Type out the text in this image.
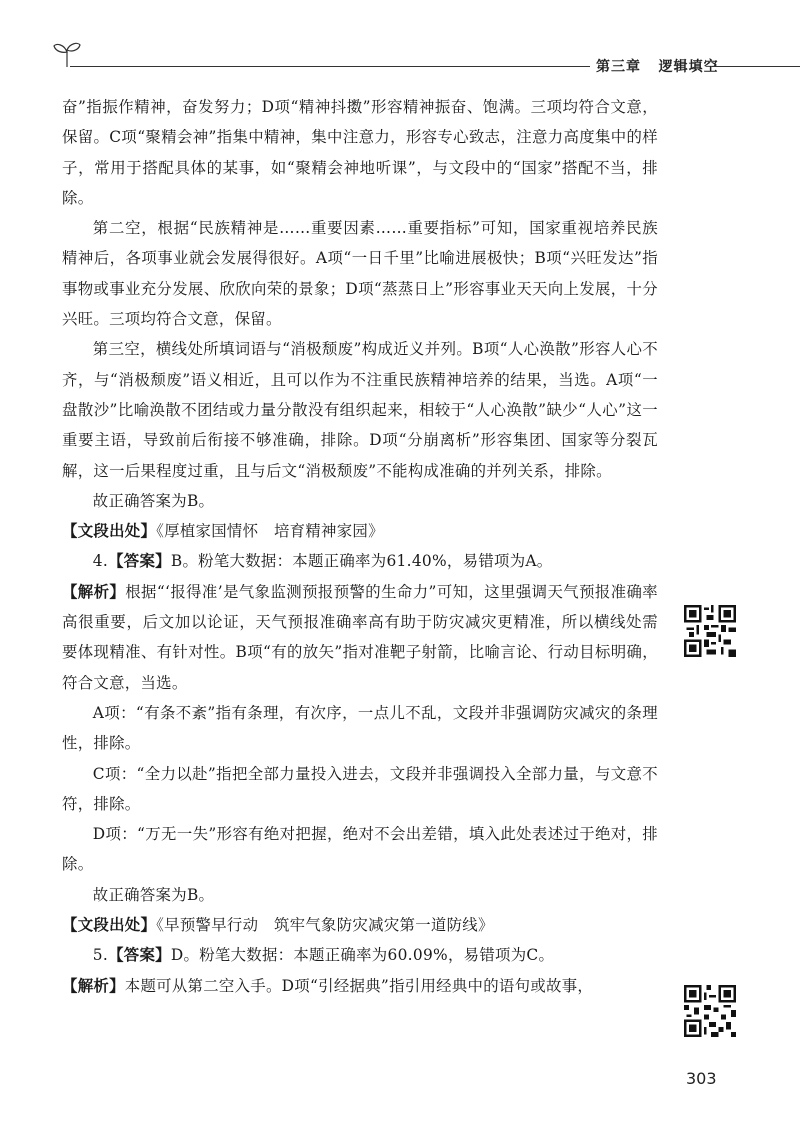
第三章 逻辑填空

奋”指振作精神，奋发努力；D项“精神抖擞”形容精神振奋、饱满。三项均符合文意，保留。C项“聚精会神”指集中精神，集中注意力，形容专心致志，注意力高度集中的样子，常用于搭配具体的某事，如“聚精会神地听课”，与文段中的“国家”搭配不当，排除。

第二空，根据“民族精神是……重要因素……重要指标”可知，国家重视培养民族精神后，各项事业就会发展得很好。A项“一日千里”比喻进展极快；B项“兴旺发达”指事物或事业充分发展、欣欣向荣的景象；D项“蒸蒸日上”形容事业天天向上发展，十分兴旺。三项均符合文意，保留。

第三空，横线处所填词语与“消极颓废”构成近义并列。B项“人心涣散”形容人心不齐，与“消极颓废”语义相近，且可以作为不注重民族精神培养的结果，当选。A项“一盘散沙”比喻涣散不团结或力量分散没有组织起来，相较于“人心涣散”缺少“人心”这一重要主语，导致前后衔接不够准确，排除。D项“分崩离析”形容集团、国家等分裂瓦解，这一后果程度过重，且与后文“消极颓废”不能构成准确的并列关系，排除。

故正确答案为B。

【文段出处】《厚植家国情怀　培育精神家园》

4.【答案】B。粉笔大数据：本题正确率为61.40%，易错项为A。

【解析】根据“‘报得准’是气象监测预报预警的生命力”可知，这里强调天气预报准确率高很重要，后文加以论证，天气预报准确率高有助于防灾减灾更精准，所以横线处需要体现精准、有针对性。B项“有的放矢”指对准靶子射箭，比喻言论、行动目标明确，符合文意，当选。

A项：“有条不紊”指有条理，有次序，一点儿不乱，文段并非强调防灾减灾的条理性，排除。

C项：“全力以赴”指把全部力量投入进去，文段并非强调投入全部力量，与文意不符，排除。

D项：“万无一失”形容有绝对把握，绝对不会出差错，填入此处表述过于绝对，排除。

故正确答案为B。

【文段出处】《早预警早行动　筑牢气象防灾减灾第一道防线》

5.【答案】D。粉笔大数据：本题正确率为60.09%，易错项为C。

【解析】本题可从第二空入手。D项“引经据典”指引用经典中的语句或故事，

303
